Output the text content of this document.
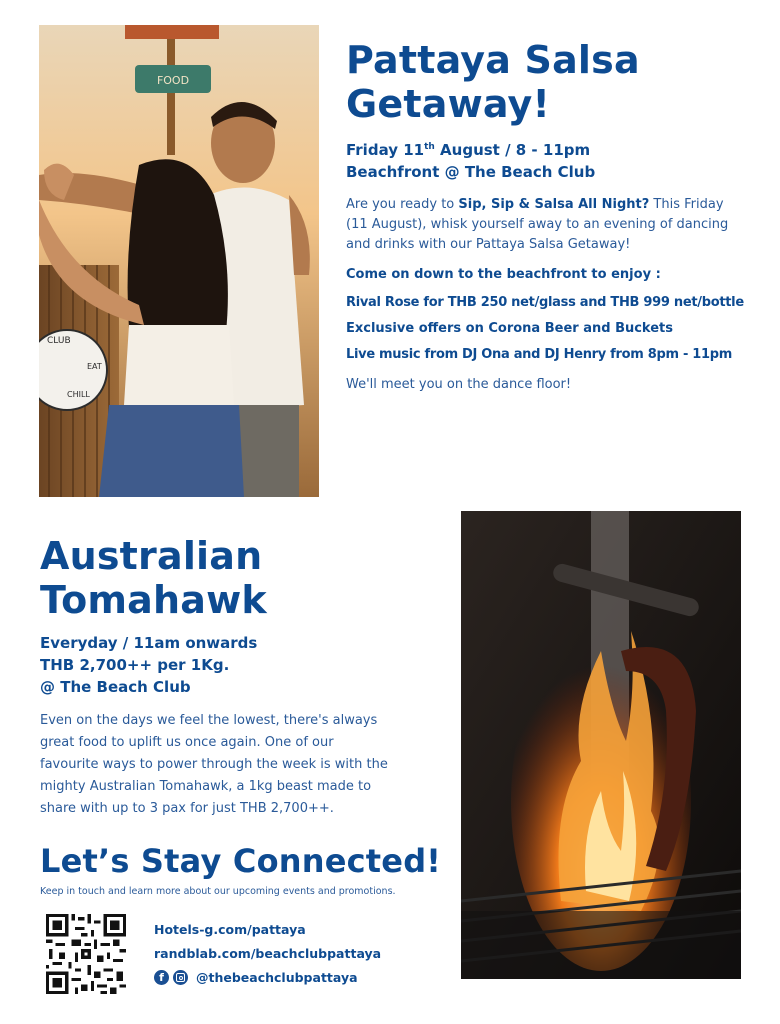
FOOD
CLUB
EAT
CHILL
Pattaya Salsa
Getaway!
Friday 11th August / 8 - 11pm
Beachfront @ The Beach Club

Are you ready to Sip, Sip & Salsa All Night? This Friday (11 August), whisk yourself away to an evening of dancing and drinks with our Pattaya Salsa Getaway!

Come on down to the beachfront to enjoy :
Rival Rose for THB 250 net/glass and THB 999 net/bottle
Exclusive offers on Corona Beer and Buckets
Live music from DJ Ona and DJ Henry from 8pm - 11pm

We'll meet you on the dance floor!

Australian
Tomahawk
Everyday / 11am onwards
THB 2,700++ per 1Kg.
@ The Beach Club

Even on the days we feel the lowest, there's always great food to uplift us once again. One of our favourite ways to power through the week is with the mighty Australian Tomahawk, a 1kg beast made to share with up to 3 pax for just THB 2,700++.

Let’s Stay Connected!
Keep in touch and learn more about our upcoming events and promotions.
Hotels-g.com/pattaya
randblab.com/beachclubpattaya
f	@thebeachclubpattaya
